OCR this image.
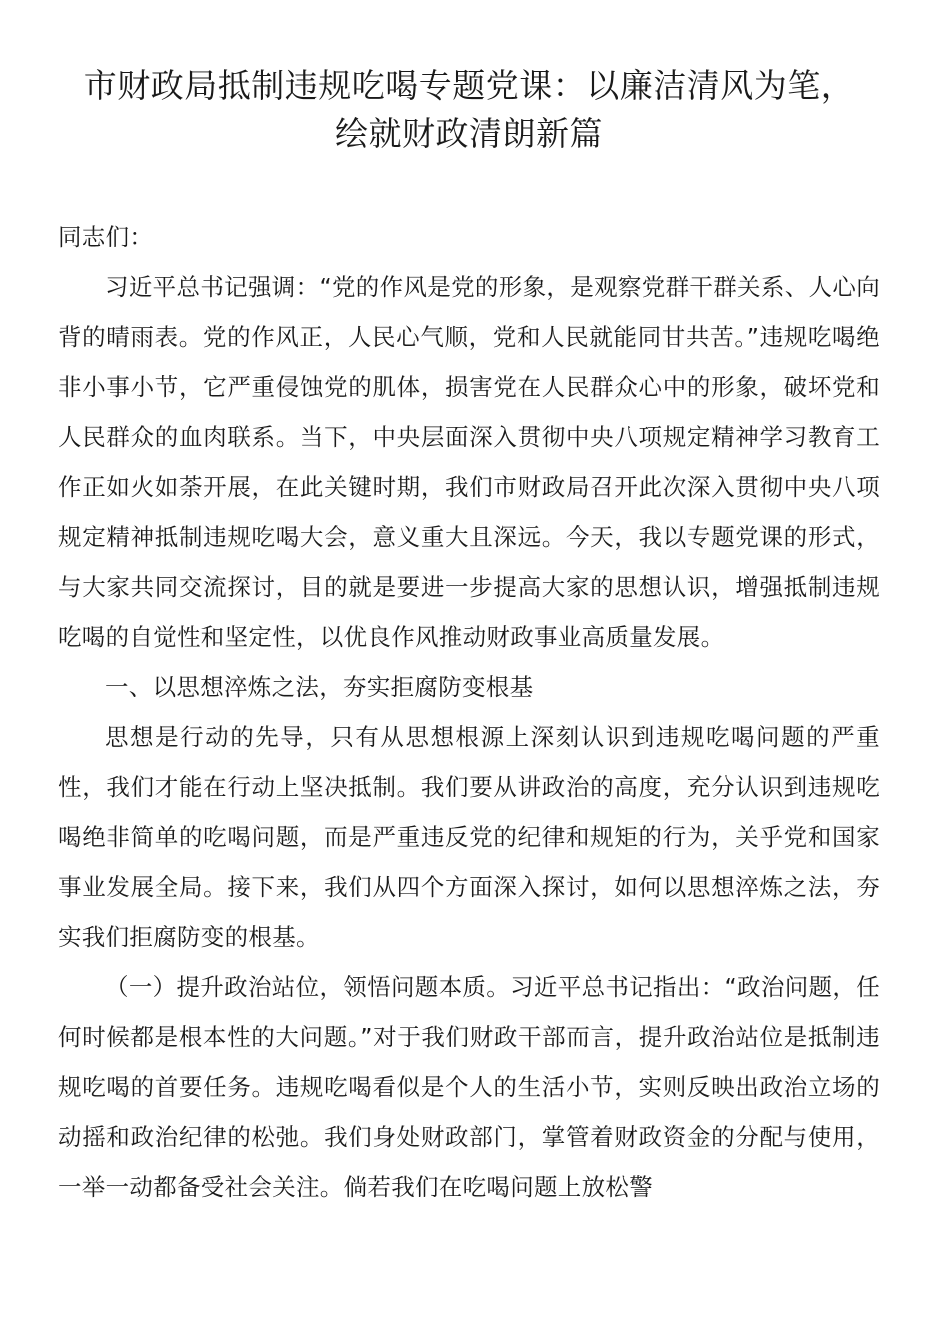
市财政局抵制违规吃喝专题党课：以廉洁清风为笔，
绘就财政清朗新篇

同志们：

习近平总书记强调：“党的作风是党的形象，是观察党群干群关系、人心向背的晴雨表。党的作风正，人民心气顺，党和人民就能同甘共苦。”违规吃喝绝非小事小节，它严重侵蚀党的肌体，损害党在人民群众心中的形象，破坏党和人民群众的血肉联系。当下，中央层面深入贯彻中央八项规定精神学习教育工作正如火如荼开展，在此关键时期，我们市财政局召开此次深入贯彻中央八项规定精神抵制违规吃喝大会，意义重大且深远。今天，我以专题党课的形式，与大家共同交流探讨，目的就是要进一步提高大家的思想认识，增强抵制违规吃喝的自觉性和坚定性，以优良作风推动财政事业高质量发展。

一、以思想淬炼之法，夯实拒腐防变根基

思想是行动的先导，只有从思想根源上深刻认识到违规吃喝问题的严重性，我们才能在行动上坚决抵制。我们要从讲政治的高度，充分认识到违规吃喝绝非简单的吃喝问题，而是严重违反党的纪律和规矩的行为，关乎党和国家事业发展全局。接下来，我们从四个方面深入探讨，如何以思想淬炼之法，夯实我们拒腐防变的根基。

（一）提升政治站位，领悟问题本质。习近平总书记指出：“政治问题，任何时候都是根本性的大问题。”对于我们财政干部而言，提升政治站位是抵制违规吃喝的首要任务。违规吃喝看似是个人的生活小节，实则反映出政治立场的动摇和政治纪律的松弛。我们身处财政部门，掌管着财政资金的分配与使用，一举一动都备受社会关注。倘若我们在吃喝问题上放松警
